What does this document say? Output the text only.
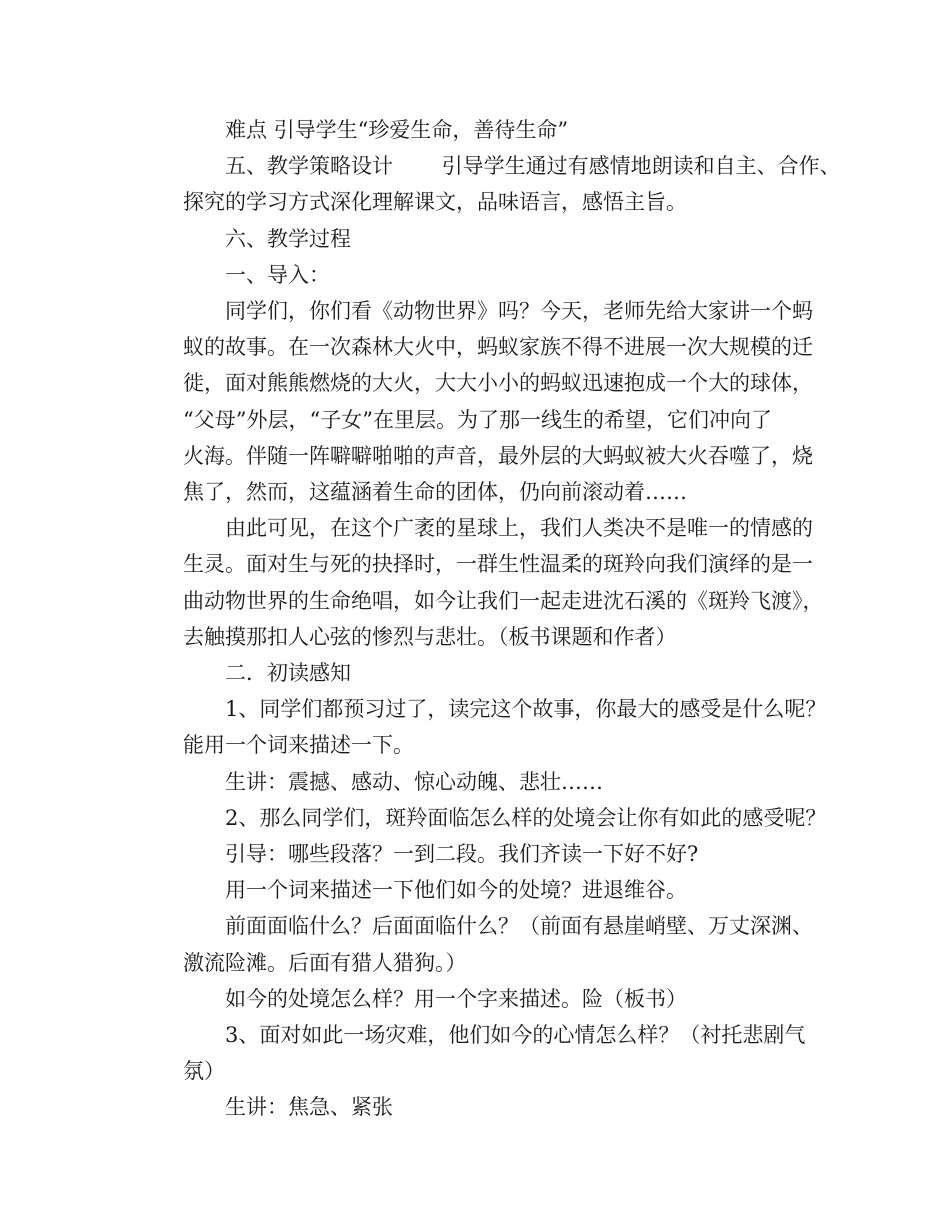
难点 引导学生“珍爱生命，善待生命”
五、教学策略设计　　 引导学生通过有感情地朗读和自主、合作、
探究的学习方式深化理解课文，品味语言，感悟主旨。
六、教学过程
一、导入：
同学们，你们看《动物世界》吗？今天，老师先给大家讲一个蚂
蚁的故事。在一次森林大火中，蚂蚁家族不得不进展一次大规模的迁
徙，面对熊熊燃烧的大火，大大小小的蚂蚁迅速抱成一个大的球体，
“父母”外层，“子女”在里层。为了那一线生的希望，它们冲向了
火海。伴随一阵噼噼啪啪的声音，最外层的大蚂蚁被大火吞噬了，烧
焦了，然而，这蕴涵着生命的团体，仍向前滚动着……
由此可见，在这个广袤的星球上，我们人类决不是唯一的情感的
生灵。面对生与死的抉择时，一群生性温柔的斑羚向我们演绎的是一
曲动物世界的生命绝唱，如今让我们一起走进沈石溪的《斑羚飞渡》，
去触摸那扣人心弦的惨烈与悲壮。（板书课题和作者）
二．初读感知
1、同学们都预习过了，读完这个故事，你最大的感受是什么呢？
能用一个词来描述一下。
生讲：震撼、感动、惊心动魄、悲壮……
2、那么同学们，斑羚面临怎么样的处境会让你有如此的感受呢？
引导：哪些段落？一到二段。我们齐读一下好不好?
用一个词来描述一下他们如今的处境？进退维谷。
前面面临什么？后面面临什么？（前面有悬崖峭壁、万丈深渊、
激流险滩。后面有猎人猎狗。）
如今的处境怎么样？用一个字来描述。险（板书）
3、面对如此一场灾难，他们如今的心情怎么样？（衬托悲剧气
氛）
生讲：焦急、紧张
